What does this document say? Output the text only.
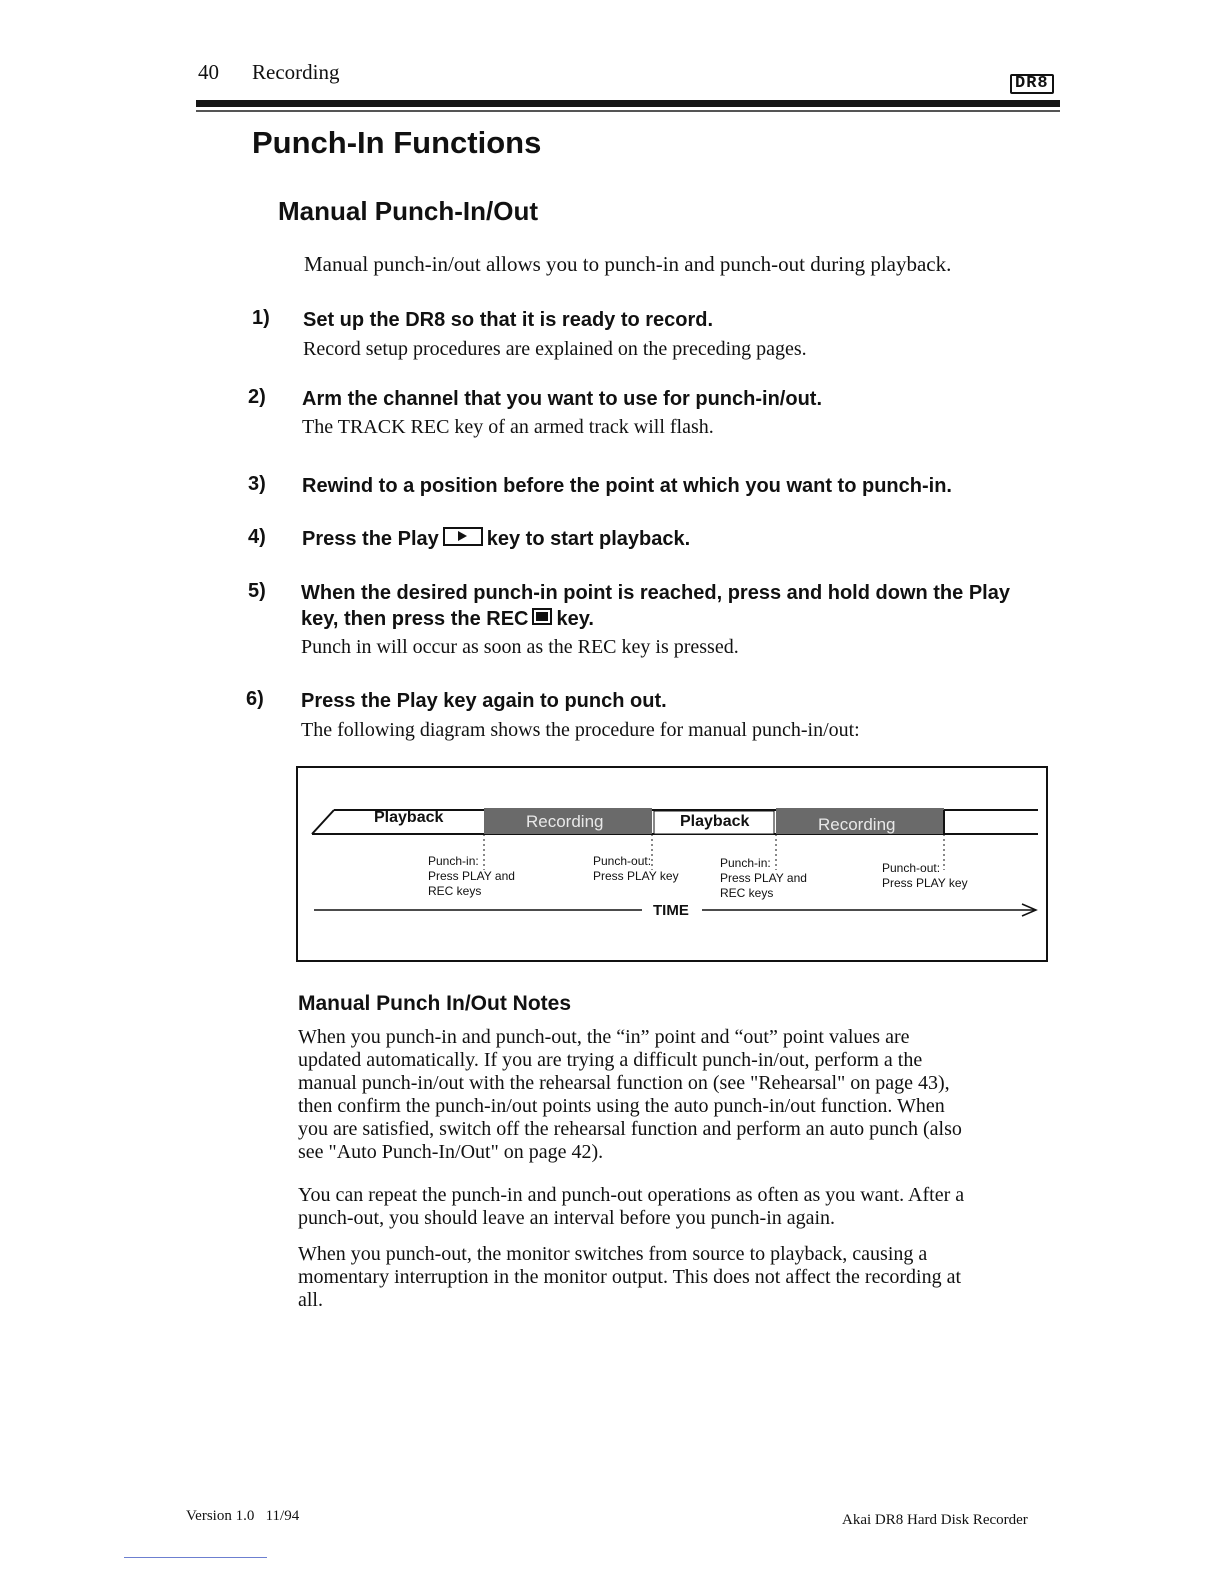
40 Recording	DR8
Punch-In Functions
Manual Punch-In/Out
Manual punch-in/out allows you to punch-in and punch-out during playback.
1) Set up the DR8 so that it is ready to record.
Record setup procedures are explained on the preceding pages.
2) Arm the channel that you want to use for punch-in/out.
The TRACK REC key of an armed track will flash.
3) Rewind to a position before the point at which you want to punch-in.
4) Press the Play key to start playback.
5) When the desired punch-in point is reached, press and hold down the Play
key, then press the REC key.
Punch in will occur as soon as the REC key is pressed.
6) Press the Play key again to punch out.
The following diagram shows the procedure for manual punch-in/out:
Playback	Recording	Playback	Recording
Punch-in:
Press PLAY and
REC keys
Punch-out:
Press PLAY key
Punch-in:
Press PLAY and
REC keys
Punch-out:
Press PLAY key
TIME
Manual Punch In/Out Notes
When you punch-in and punch-out, the “in” point and “out” point values are
updated automatically. If you are trying a difficult punch-in/out, perform a the
manual punch-in/out with the rehearsal function on (see "Rehearsal" on page 43),
then confirm the punch-in/out points using the auto punch-in/out function. When
you are satisfied, switch off the rehearsal function and perform an auto punch (also
see "Auto Punch-In/Out" on page 42).
You can repeat the punch-in and punch-out operations as often as you want. After a
punch-out, you should leave an interval before you punch-in again.
When you punch-out, the monitor switches from source to playback, causing a
momentary interruption in the monitor output. This does not affect the recording at
all.
Version 1.0   11/94	Akai DR8 Hard Disk Recorder
